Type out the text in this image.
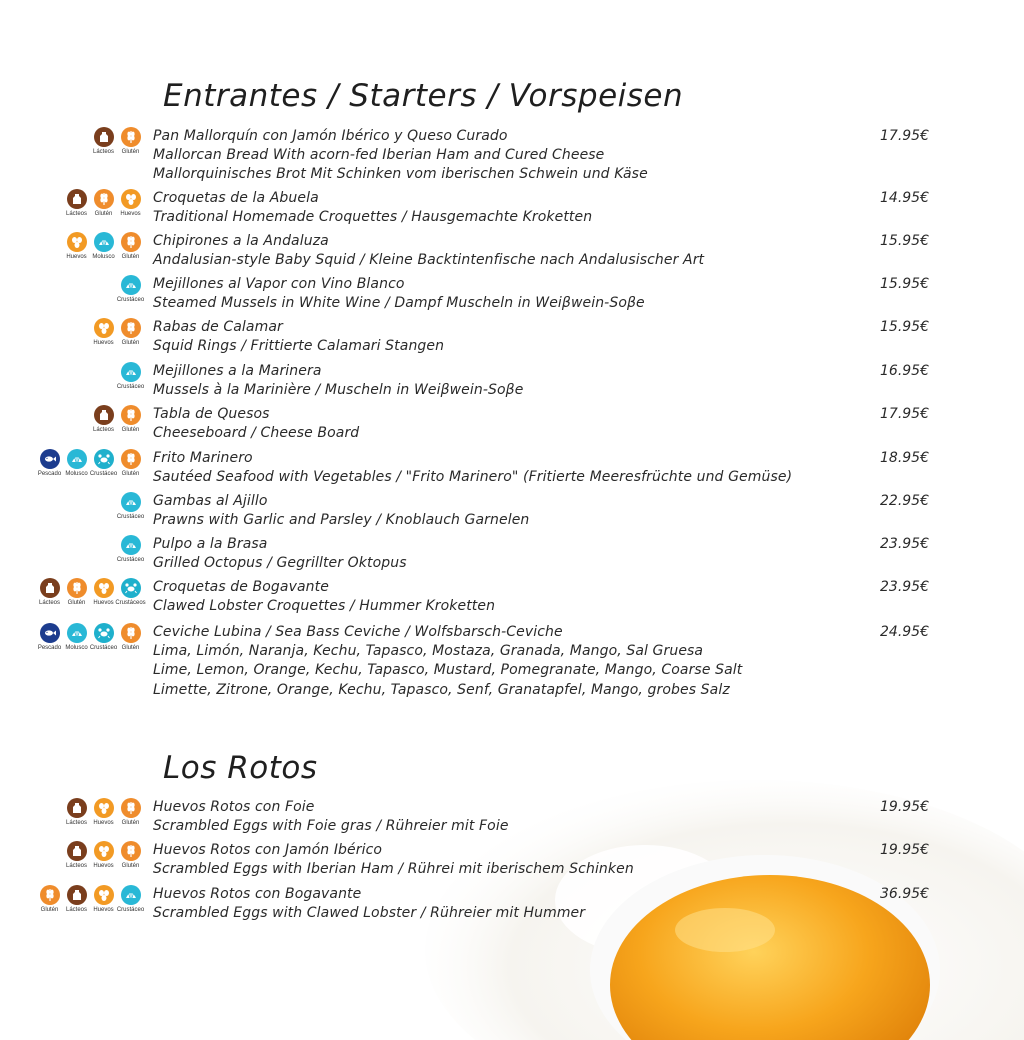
Entrantes / Starters / Vorspeisen
Lácteos Glutén
Pan Mallorquín con Jamón Ibérico y Queso Curado
Mallorcan Bread With acorn-fed Iberian Ham and Cured Cheese
Mallorquinisches Brot Mit Schinken vom iberischen Schwein und Käse
17.95€
Lácteos Glutén Huevos
Croquetas de la Abuela
Traditional Homemade Croquettes / Hausgemachte Kroketten
14.95€
Huevos Molusco Glutén
Chipirones a la Andaluza
Andalusian-style Baby Squid / Kleine Backtintenfische nach Andalusischer Art
15.95€
Crustáceo
Mejillones al Vapor con Vino Blanco
Steamed Mussels in White Wine / Dampf Muscheln in Weiβwein-Soβe
15.95€
Huevos Glutén
Rabas de Calamar
Squid Rings / Frittierte Calamari Stangen
15.95€
Crustáceo
Mejillones a la Marinera
Mussels à la Marinière / Muscheln in Weiβwein-Soβe
16.95€
Lácteos Glutén
Tabla de Quesos
Cheeseboard / Cheese Board
17.95€
Pescado Molusco Crustáceo Glutén
Frito Marinero
Sautéed Seafood with Vegetables / "Frito Marinero" (Fritierte Meeresfrüchte und Gemüse)
18.95€
Crustáceo
Gambas al Ajillo
Prawns with Garlic and Parsley / Knoblauch Garnelen
22.95€
Crustáceo
Pulpo a la Brasa
Grilled Octopus / Gegrillter Oktopus
23.95€
Lácteos Glutén Huevos Crustáceos
Croquetas de Bogavante
Clawed Lobster Croquettes / Hummer Kroketten
23.95€
Pescado Molusco Crustáceo Glutén
Ceviche Lubina / Sea Bass Ceviche / Wolfsbarsch-Ceviche
Lima, Limón, Naranja, Kechu, Tapasco, Mostaza, Granada, Mango, Sal Gruesa
Lime, Lemon, Orange, Kechu, Tapasco, Mustard, Pomegranate, Mango, Coarse Salt
Limette, Zitrone, Orange, Kechu, Tapasco, Senf, Granatapfel, Mango, grobes Salz
24.95€
Los Rotos
Lácteos Huevos Glutén
Huevos Rotos con Foie
Scrambled Eggs with Foie gras / Rühreier mit Foie
19.95€
Lácteos Huevos Glutén
Huevos Rotos con Jamón Ibérico
Scrambled Eggs with Iberian Ham / Rührei mit iberischem Schinken
19.95€
Glutén Lácteos Huevos Crustáceo
Huevos Rotos con Bogavante
Scrambled Eggs with Clawed Lobster / Rühreier mit Hummer
36.95€
